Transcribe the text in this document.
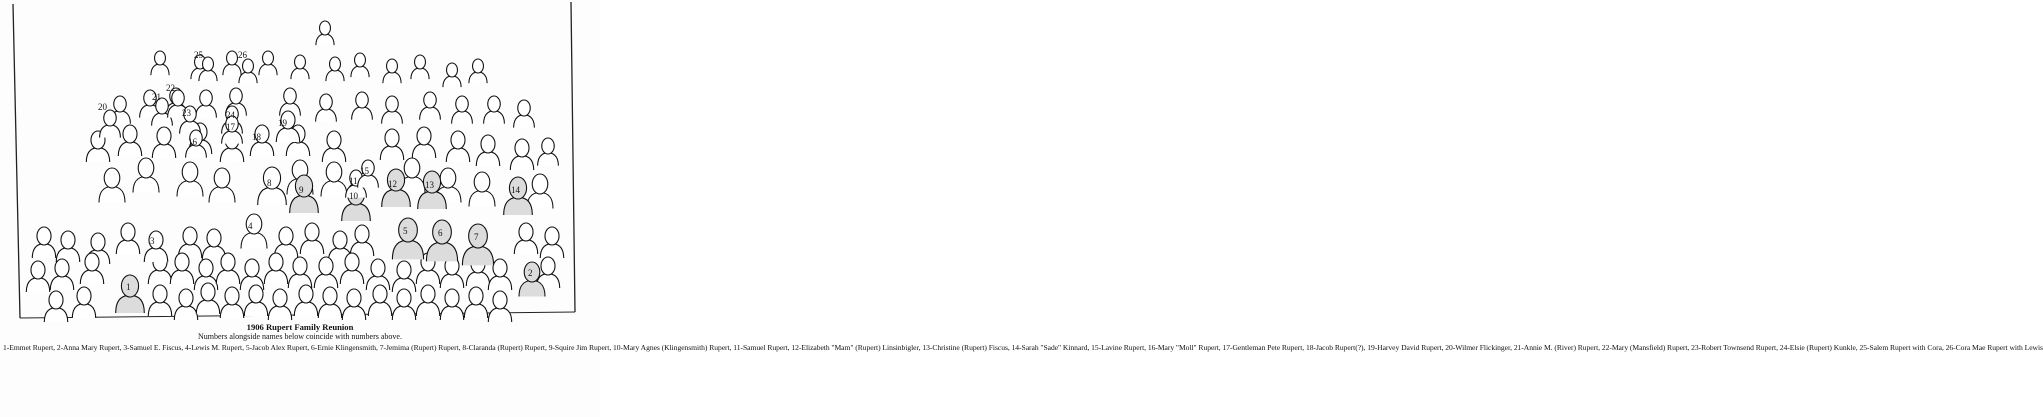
25	26
20
21
22
23	24
16
17
18
19
8
9
10
11
15
12	13	14
4
3
5	6	7
1
2
1906 Rupert Family Reunion
Numbers alongside names below coincide with numbers above.
1-Emmet Rupert, 2-Anna Mary Rupert, 3-Samuel E. Fiscus, 4-Lewis M. Rupert, 5-Jacob Alex Rupert, 6-Ernie Klingensmith, 7-Jemima (Rupert) Rupert, 8-Claranda (Rupert) Rupert, 9-Squire Jim Rupert, 10-Mary Agnes (Klingensmith) Rupert, 11-Samuel Rupert, 12-Elizabeth "Mam" (Rupert) Linsinbigler, 13-Christine (Rupert) Fiscus, 14-Sarah "Sade" Kinnard, 15-Lavine Rupert, 16-Mary "Moll" Rupert, 17-Gentleman Pete Rupert, 18-Jacob Rupert(?), 19-Harvey David Rupert, 20-Wilmer Flickinger, 21-Annie M. (River) Rupert, 22-Mary (Mansfield) Rupert, 23-Robert Townsend Rupert, 24-Elsie (Rupert) Kunkle, 25-Salem Rupert with Cora, 26-Cora Mae Rupert with Lewis
